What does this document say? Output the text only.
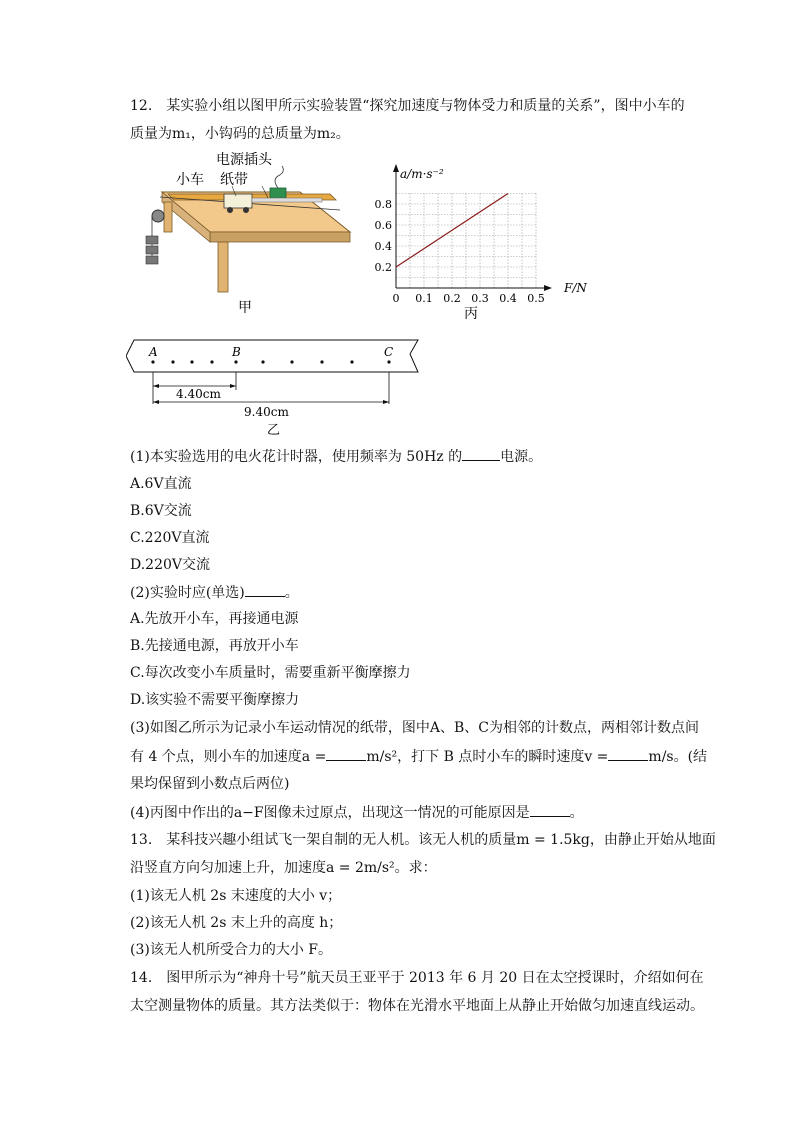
12.　某实验小组以图甲所示实验装置“探究加速度与物体受力和质量的关系”，图中小车的
质量为m₁，小钩码的总质量为m₂。
电源插头
小车 纸带
甲
0 0.1 0.2 0.3 0.4 0.5
0.2
0.4
0.6
0.8
a/m·s⁻²
F/N
丙
A	B	C
4.40cm
9.40cm
乙
(1)本实验选用的电火花计时器，使用频率为 50Hz 的	电源。
A.6V直流
B.6V交流
C.220V直流
D.220V交流
(2)实验时应(单选)	。
A.先放开小车，再接通电源
B.先接通电源，再放开小车
C.每次改变小车质量时，需要重新平衡摩擦力
D.该实验不需要平衡摩擦力
(3)如图乙所示为记录小车运动情况的纸带，图中A、B、C为相邻的计数点，两相邻计数点间
有 4 个点，则小车的加速度a =	m/s²，打下 B 点时小车的瞬时速度v =	m/s。(结
果均保留到小数点后两位)
(4)丙图中作出的a−F图像未过原点，出现这一情况的可能原因是	。
13.　某科技兴趣小组试飞一架自制的无人机。该无人机的质量m = 1.5kg，由静止开始从地面
沿竖直方向匀加速上升，加速度a = 2m/s²。求：
(1)该无人机 2s 末速度的大小 v；
(2)该无人机 2s 末上升的高度 h；
(3)该无人机所受合力的大小 F。
14.　图甲所示为“神舟十号”航天员王亚平于 2013 年 6 月 20 日在太空授课时，介绍如何在
太空测量物体的质量。其方法类似于：物体在光滑水平地面上从静止开始做匀加速直线运动。
